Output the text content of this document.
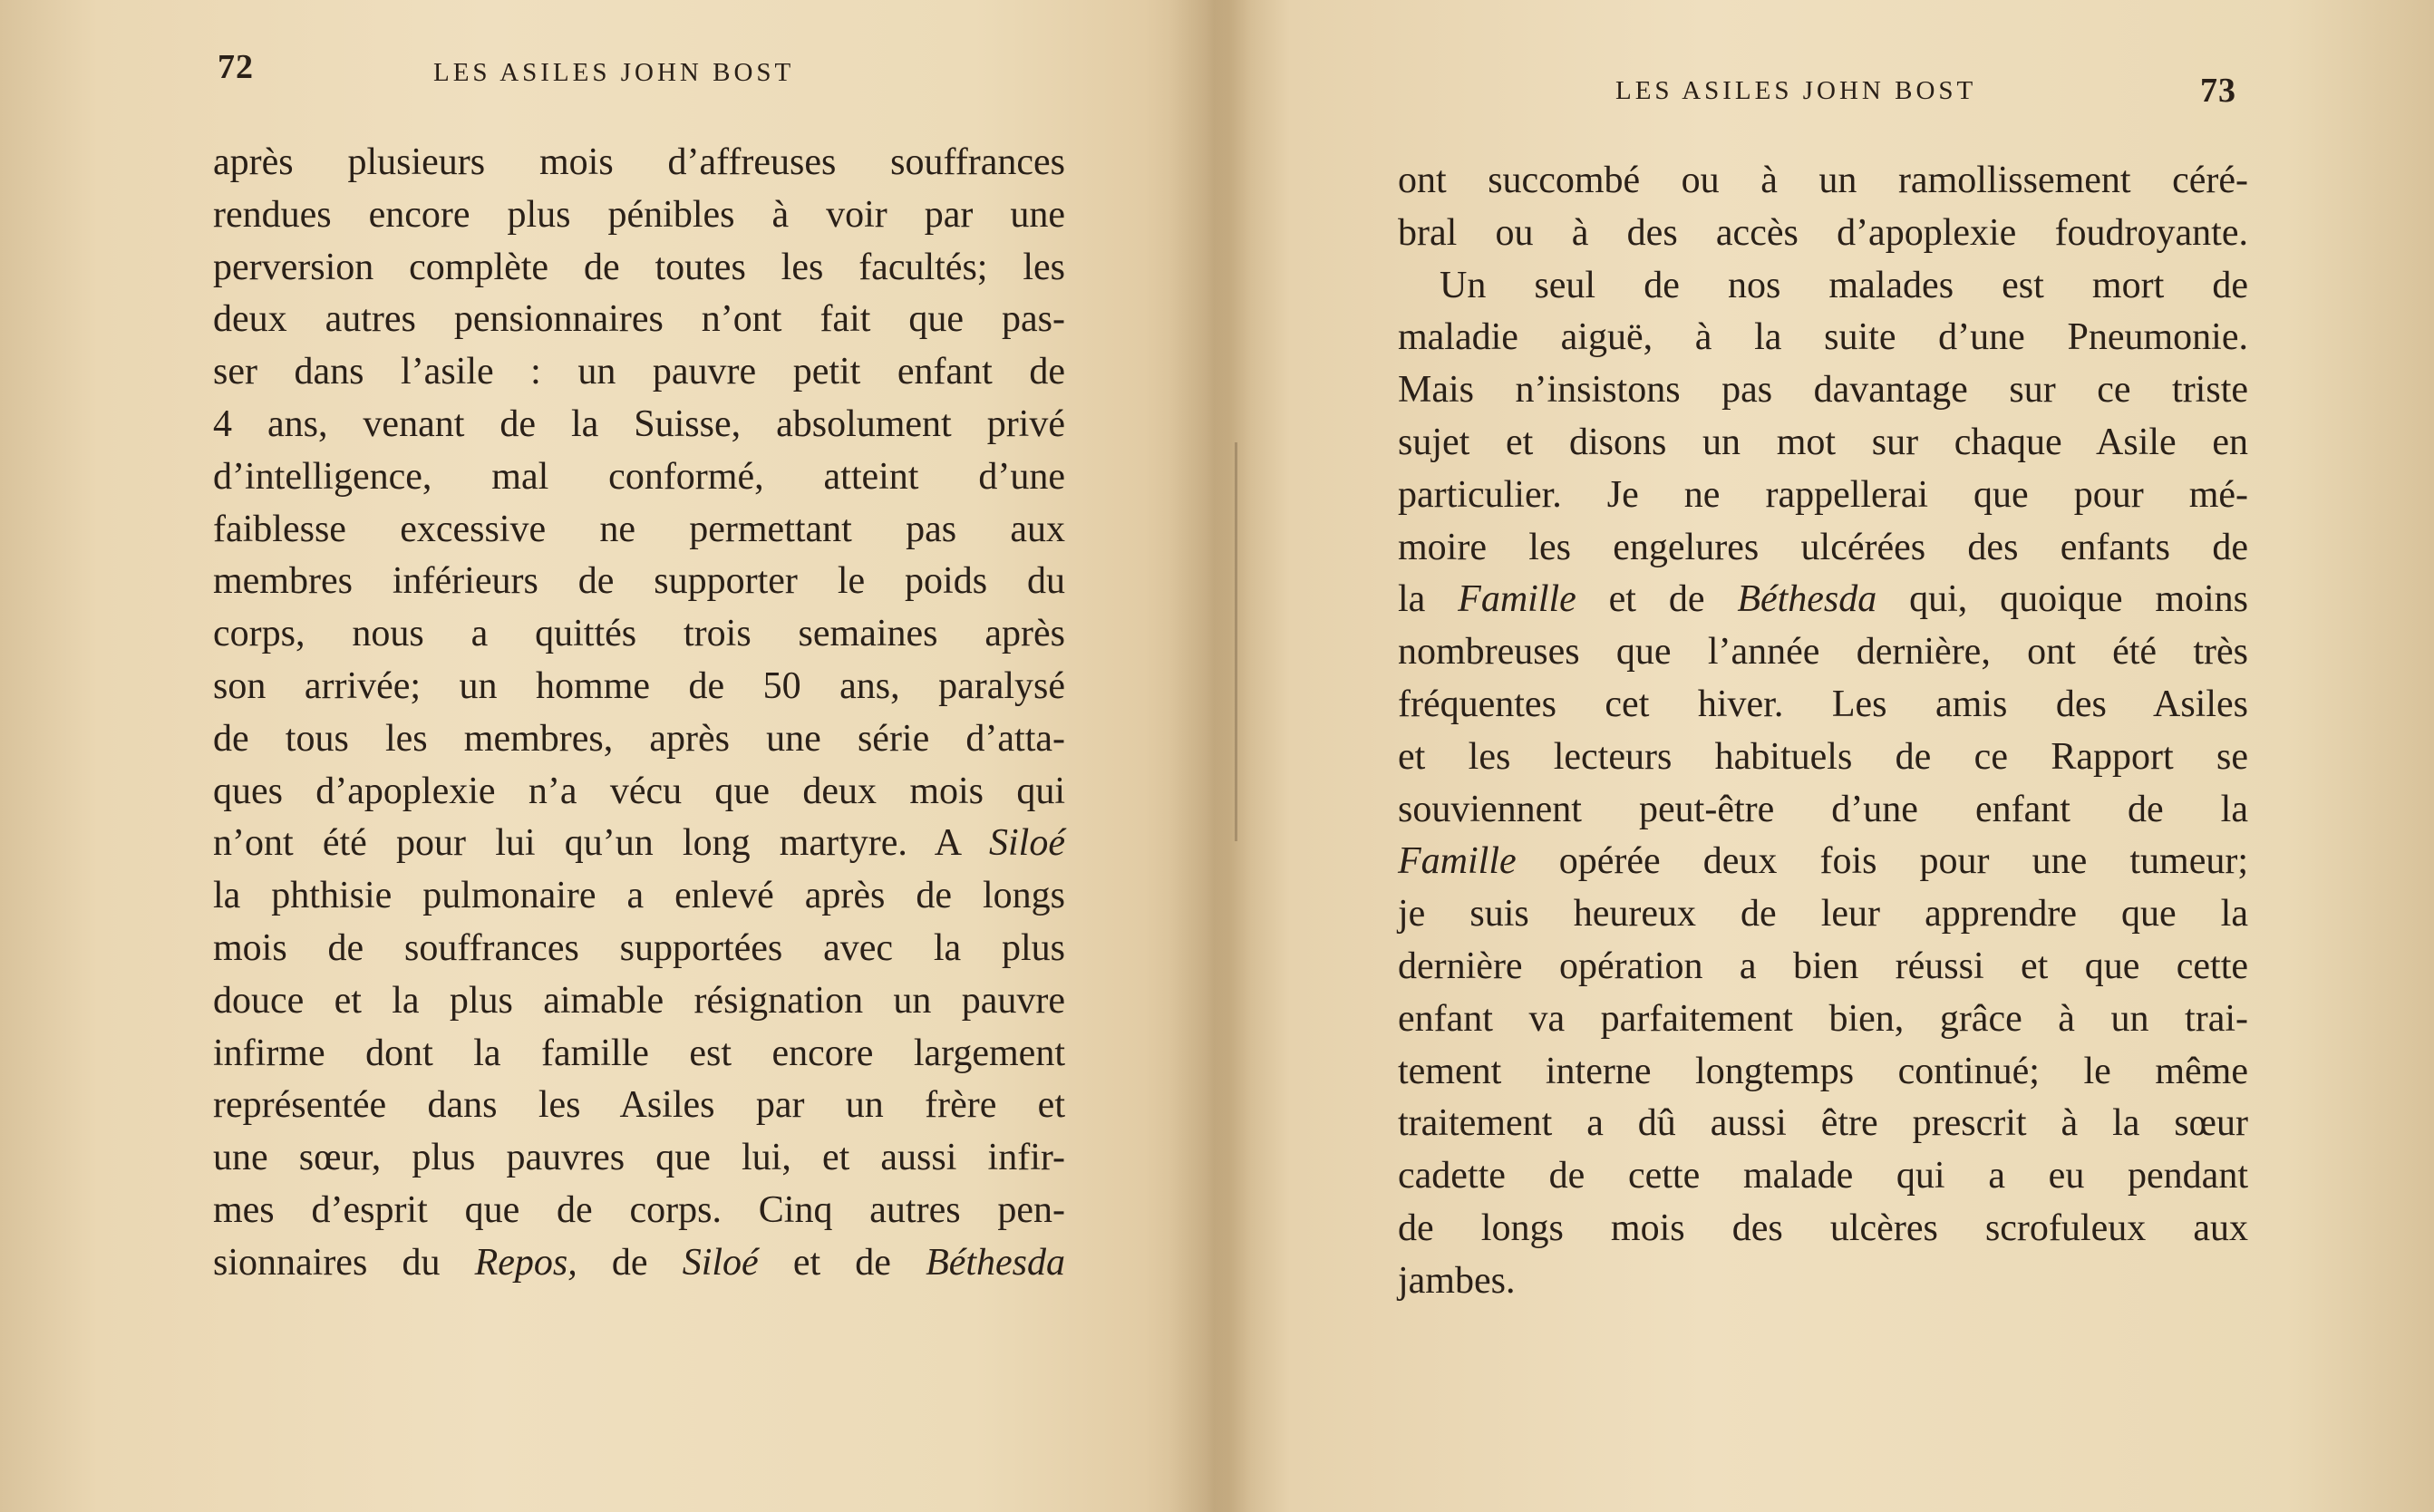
72	LES ASILES JOHN BOST
après plusieurs mois d’affreuses souffrances
rendues encore plus pénibles à voir par une
perversion complète de toutes les facultés; les
deux autres pensionnaires n’ont fait que pas-
ser dans l’asile : un pauvre petit enfant de
4 ans, venant de la Suisse, absolument privé
d’intelligence, mal conformé, atteint d’une
faiblesse excessive ne permettant pas aux
membres inférieurs de supporter le poids du
corps, nous a quittés trois semaines après
son arrivée; un homme de 50 ans, paralysé
de tous les membres, après une série d’atta-
ques d’apoplexie n’a vécu que deux mois qui
n’ont été pour lui qu’un long martyre. A Siloé
la phthisie pulmonaire a enlevé après de longs
mois de souffrances supportées avec la plus
douce et la plus aimable résignation un pauvre
infirme dont la famille est encore largement
représentée dans les Asiles par un frère et
une sœur, plus pauvres que lui, et aussi infir-
mes d’esprit que de corps. Cinq autres pen-
sionnaires du Repos, de Siloé et de Béthesda
LES ASILES JOHN BOST	73
ont succombé ou à un ramollissement céré-
bral ou à des accès d’apoplexie foudroyante.
Un seul de nos malades est mort de
maladie aiguë, à la suite d’une Pneumonie.
Mais n’insistons pas davantage sur ce triste
sujet et disons un mot sur chaque Asile en
particulier. Je ne rappellerai que pour mé-
moire les engelures ulcérées des enfants de
la Famille et de Béthesda qui, quoique moins
nombreuses que l’année dernière, ont été très
fréquentes cet hiver. Les amis des Asiles
et les lecteurs habituels de ce Rapport se
souviennent peut-être d’une enfant de la
Famille opérée deux fois pour une tumeur;
je suis heureux de leur apprendre que la
dernière opération a bien réussi et que cette
enfant va parfaitement bien, grâce à un trai-
tement interne longtemps continué; le même
traitement a dû aussi être prescrit à la sœur
cadette de cette malade qui a eu pendant
de longs mois des ulcères scrofuleux aux
jambes.
